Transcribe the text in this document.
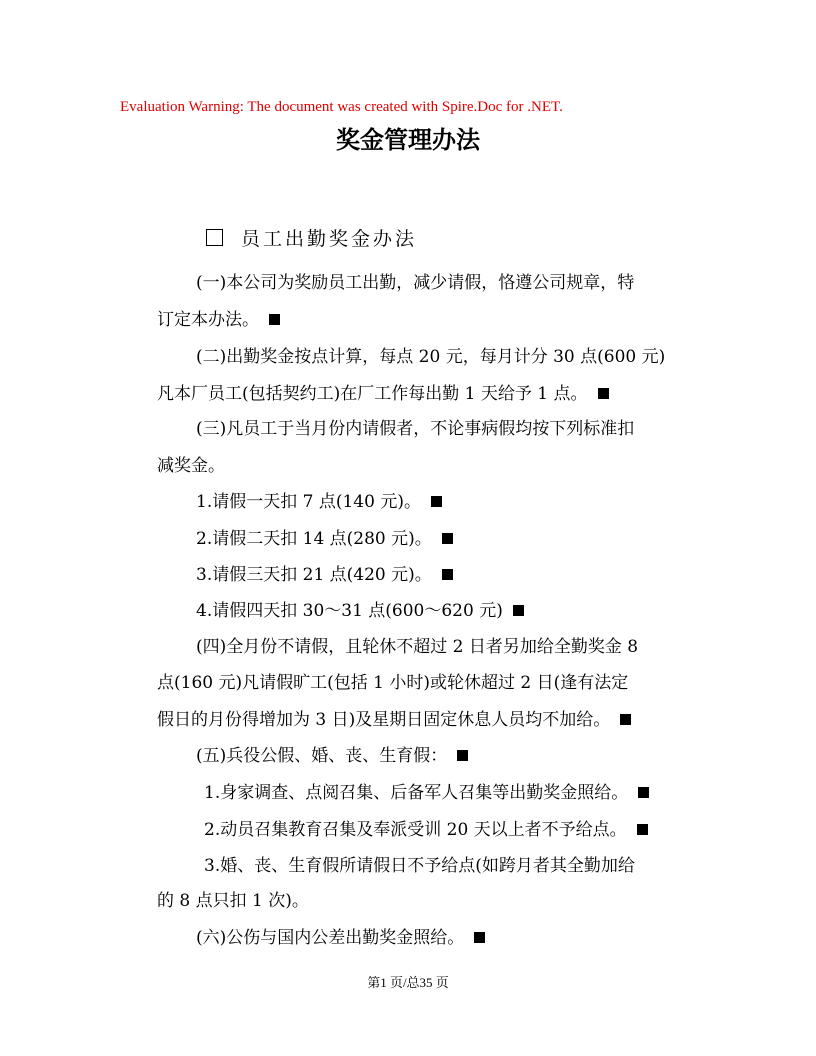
Evaluation Warning: The document was created with Spire.Doc for .NET.
奖金管理办法
员工出勤奖金办法
(一)本公司为奖励员工出勤，减少请假，恪遵公司规章，特
订定本办法。
(二)出勤奖金按点计算，每点 20 元，每月计分 30 点(600 元)
凡本厂员工(包括契约工)在厂工作每出勤 1 天给予 1 点。
(三)凡员工于当月份内请假者，不论事病假均按下列标准扣
减奖金。
1.请假一天扣 7 点(140 元)。
2.请假二天扣 14 点(280 元)。
3.请假三天扣 21 点(420 元)。
4.请假四天扣 30～31 点(600～620 元)
(四)全月份不请假，且轮休不超过 2 日者另加给全勤奖金 8
点(160 元)凡请假旷工(包括 1 小时)或轮休超过 2 日(逢有法定
假日的月份得增加为 3 日)及星期日固定休息人员均不加给。
(五)兵役公假、婚、丧、生育假：
1.身家调查、点阅召集、后备军人召集等出勤奖金照给。
2.动员召集教育召集及奉派受训 20 天以上者不予给点。
3.婚、丧、生育假所请假日不予给点(如跨月者其全勤加给
的 8 点只扣 1 次)。
(六)公伤与国内公差出勤奖金照给。
第1 页/总35 页
